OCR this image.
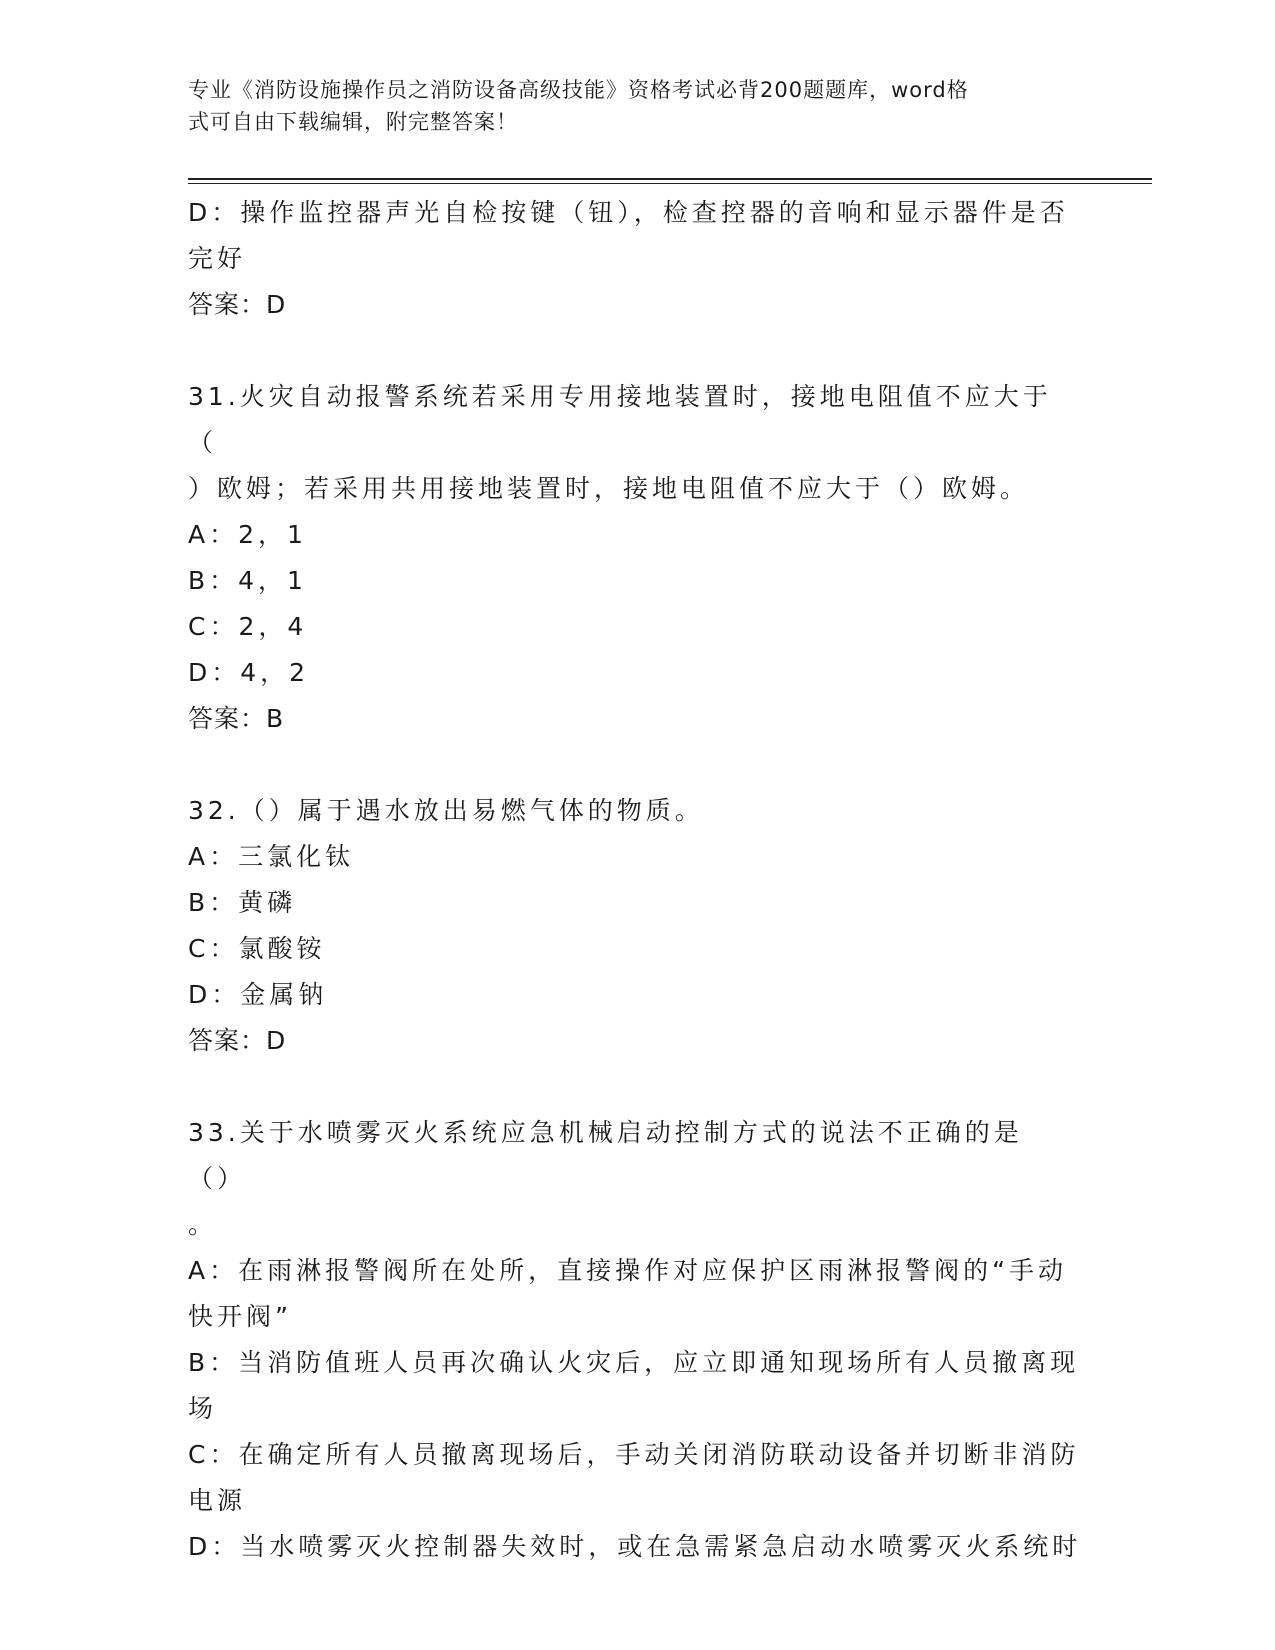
专业《消防设施操作员之消防设备高级技能》资格考试必背200题题库，word格
式可自由下载编辑，附完整答案！
D：操作监控器声光自检按键（钮），检查控器的音响和显示器件是否
完好
答案：D
31.火灾自动报警系统若采用专用接地装置时，接地电阻值不应大于（
）欧姆；若采用共用接地装置时，接地电阻值不应大于（）欧姆。
A：2，1
B：4，1
C：2，4
D：4，2
答案：B
32.（）属于遇水放出易燃气体的物质。
A：三氯化钛
B：黄磷
C：氯酸铵
D：金属钠
答案：D
33.关于水喷雾灭火系统应急机械启动控制方式的说法不正确的是（）
。
A：在雨淋报警阀所在处所，直接操作对应保护区雨淋报警阀的“手动
快开阀”
B：当消防值班人员再次确认火灾后，应立即通知现场所有人员撤离现
场
C：在确定所有人员撤离现场后，手动关闭消防联动设备并切断非消防
电源
D：当水喷雾灭火控制器失效时，或在急需紧急启动水喷雾灭火系统时
